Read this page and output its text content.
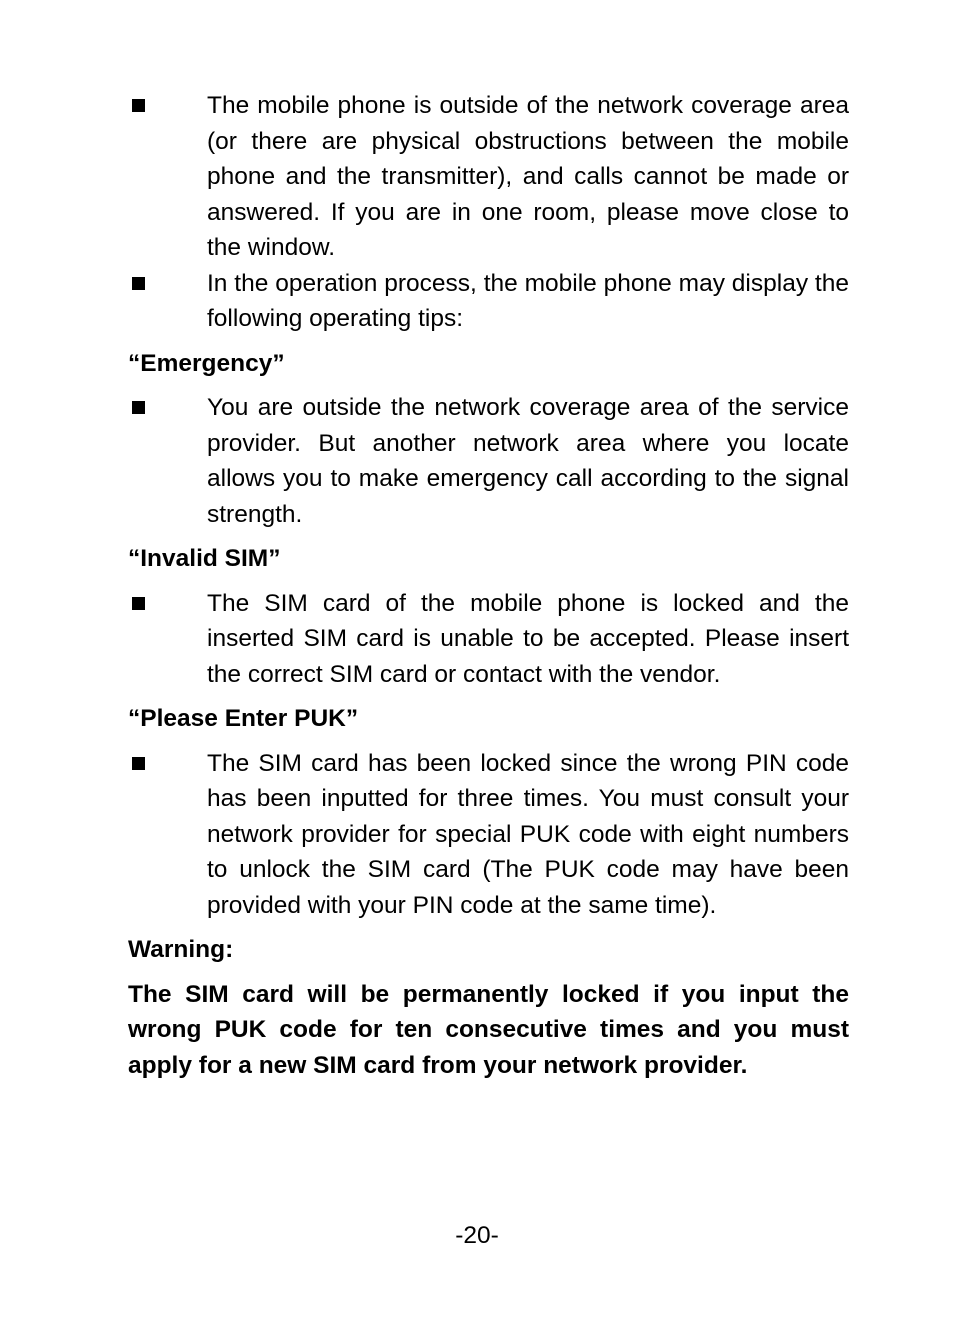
The mobile phone is outside of the network coverage area (or there are physical obstructions between the mobile phone and the transmitter), and calls cannot be made or answered. If you are in one room, please move close to the window.
In the operation process, the mobile phone may display the following operating tips:
“Emergency”
You are outside the network coverage area of the service provider. But another network area where you locate allows you to make emergency call according to the signal strength.
“Invalid SIM”
The SIM card of the mobile phone is locked and the inserted SIM card is unable to be accepted. Please insert the correct SIM card or contact with the vendor.
“Please Enter PUK”
The SIM card has been locked since the wrong PIN code has been inputted for three times. You must consult your network provider for special PUK code with eight numbers to unlock the SIM card (The PUK code may have been provided with your PIN code at the same time).
Warning:
The SIM card will be permanently locked if you input the wrong PUK code for ten consecutive times and you must apply for a new SIM card from your network provider.
-20-
